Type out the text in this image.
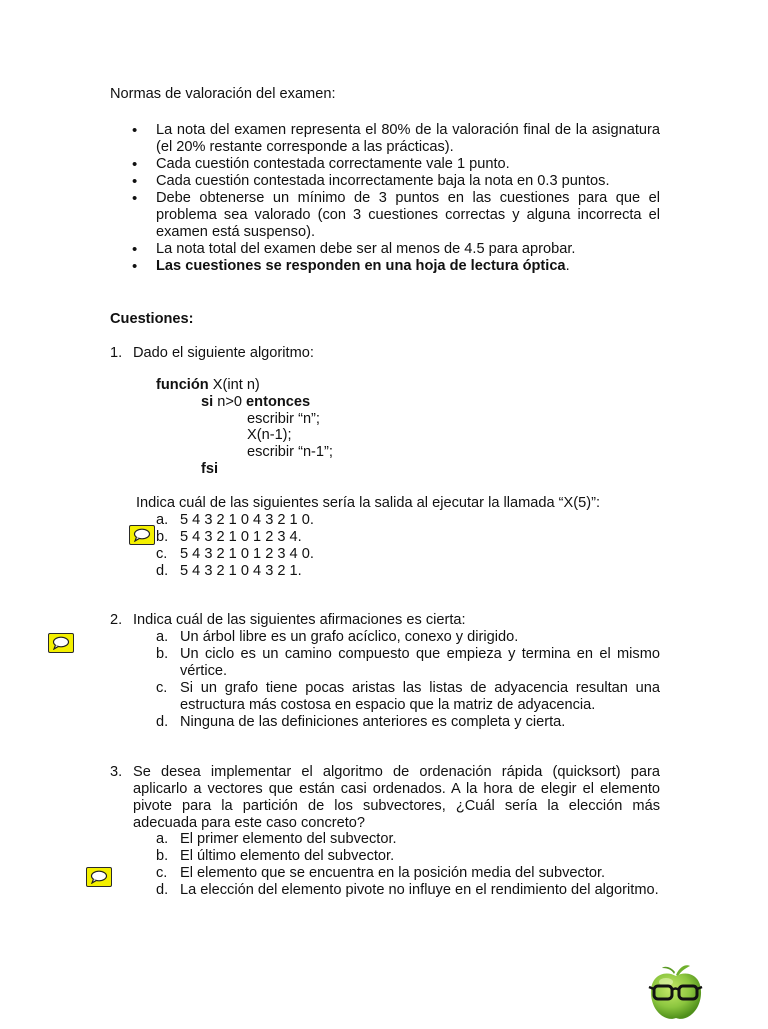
Normas de valoración del examen:
• La nota del examen representa el 80% de la valoración final de la asignatura (el 20% restante corresponde a las prácticas).
• Cada cuestión contestada correctamente vale 1 punto.
• Cada cuestión contestada incorrectamente baja la nota en 0.3 puntos.
• Debe obtenerse un mínimo de 3 puntos en las cuestiones para que el problema sea valorado (con 3 cuestiones correctas y alguna incorrecta el examen está suspenso).
• La nota total del examen debe ser al menos de 4.5 para aprobar.
• Las cuestiones se responden en una hoja de lectura óptica.
Cuestiones:
1. Dado el siguiente algoritmo:
función X(int n)
si n>0 entonces
escribir “n”;
X(n-1);
escribir “n-1”;
fsi
Indica cuál de las siguientes sería la salida al ejecutar la llamada “X(5)”:
a. 5 4 3 2 1 0 4 3 2 1 0.
b. 5 4 3 2 1 0 1 2 3 4.
c. 5 4 3 2 1 0 1 2 3 4 0.
d. 5 4 3 2 1 0 4 3 2 1.
2. Indica cuál de las siguientes afirmaciones es cierta:
a. Un árbol libre es un grafo acíclico, conexo y dirigido.
b. Un ciclo es un camino compuesto que empieza y termina en el mismo vértice.
c. Si un grafo tiene pocas aristas las listas de adyacencia resultan una estructura más costosa en espacio que la matriz de adyacencia.
d. Ninguna de las definiciones anteriores es completa y cierta.
3. Se desea implementar el algoritmo de ordenación rápida (quicksort) para aplicarlo a vectores que están casi ordenados. A la hora de elegir el elemento pivote para la partición de los subvectores, ¿Cuál sería la elección más adecuada para este caso concreto?
a. El primer elemento del subvector.
b. El último elemento del subvector.
c. El elemento que se encuentra en la posición media del subvector.
d. La elección del elemento pivote no influye en el rendimiento del algoritmo.
